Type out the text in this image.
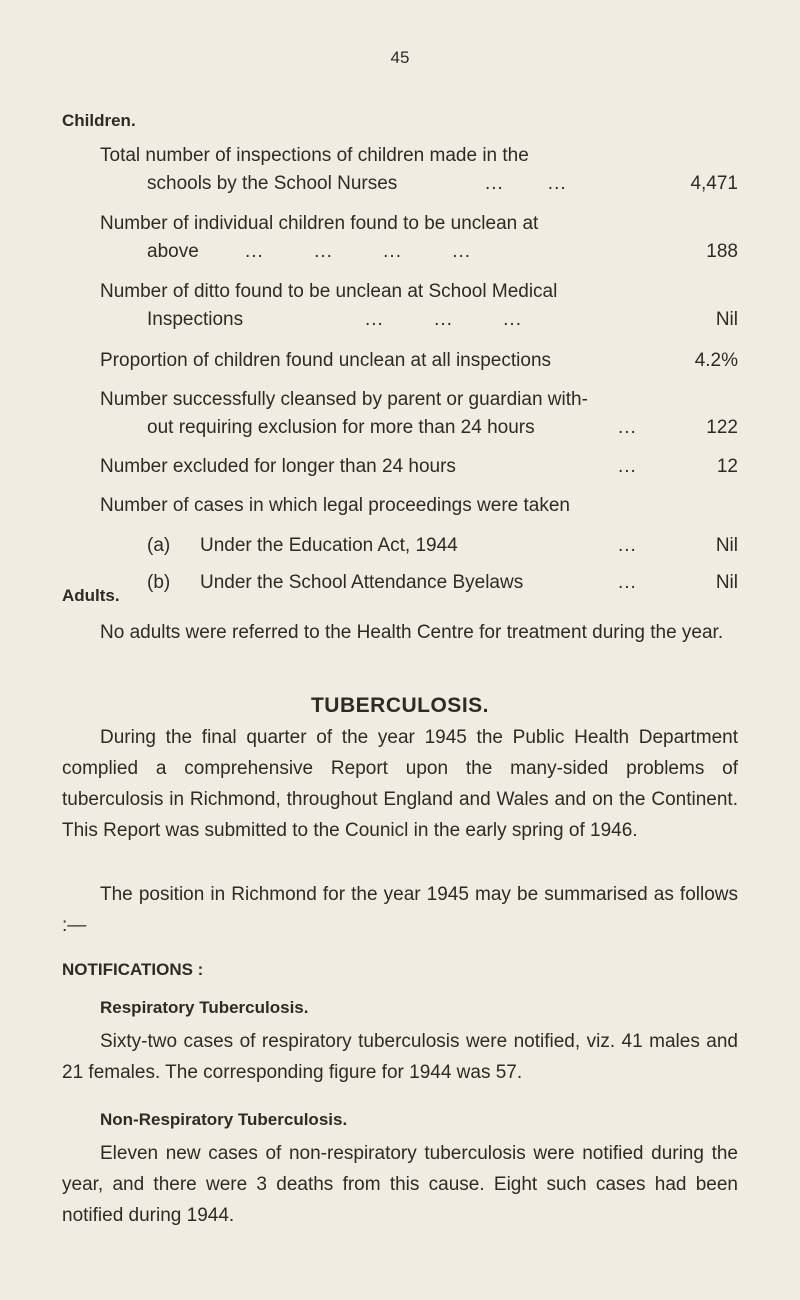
45
Children.
Total number of inspections of children made in the
schools by the School Nurses	...       ...	4,471
Number of individual children found to be unclean at
above ...        ...        ...        ...	188
Number of ditto found to be unclean at School Medical
Inspections	...        ...        ...	Nil
Proportion of children found unclean at all inspections	4.2%
Number successfully cleansed by parent or guardian with-
out requiring exclusion for more than 24 hours	...	122
Number excluded for longer than 24 hours	...	12
Number of cases in which legal proceedings were taken
(a) Under the Education Act, 1944	...	Nil
(b) Under the School Attendance Byelaws	...	Nil
Adults.
No adults were referred to the Health Centre for treatment during the year.
TUBERCULOSIS.
During the final quarter of the year 1945 the Public Health Department complied a comprehensive Report upon the many-sided problems of tuberculosis in Richmond, throughout England and Wales and on the Continent. This Report was submitted to the Counicl in the early spring of 1946.
The position in Richmond for the year 1945 may be summarised as follows :—
NOTIFICATIONS :
Respiratory Tuberculosis.
Sixty-two cases of respiratory tuberculosis were notified, viz. 41 males and 21 females. The corresponding figure for 1944 was 57.
Non-Respiratory Tuberculosis.
Eleven new cases of non-respiratory tuberculosis were notified during the year, and there were 3 deaths from this cause. Eight such cases had been notified during 1944.
